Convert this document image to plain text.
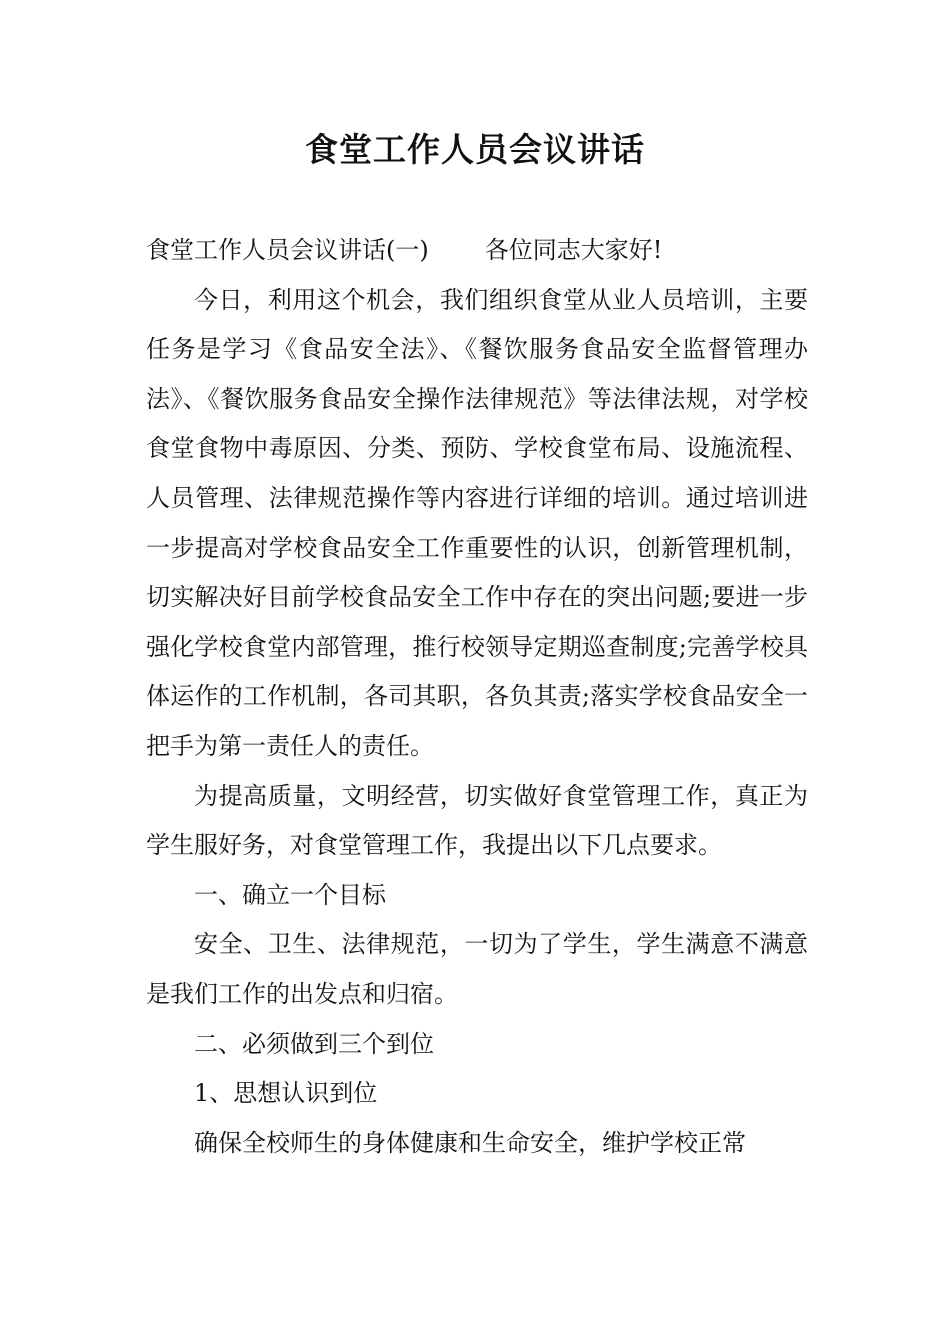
食堂工作人员会议讲话

食堂工作人员会议讲话(一) 各位同志大家好!

今日，利用这个机会，我们组织食堂从业人员培训，主要任务是学习《食品安全法》、《餐饮服务食品安全监督管理办法》、《餐饮服务食品安全操作法律规范》等法律法规，对学校食堂食物中毒原因、分类、预防、学校食堂布局、设施流程、人员管理、法律规范操作等内容进行详细的培训。通过培训进一步提高对学校食品安全工作重要性的认识，创新管理机制，切实解决好目前学校食品安全工作中存在的突出问题;要进一步强化学校食堂内部管理，推行校领导定期巡查制度;完善学校具体运作的工作机制，各司其职，各负其责;落实学校食品安全一把手为第一责任人的责任。

为提高质量，文明经营，切实做好食堂管理工作，真正为学生服好务，对食堂管理工作，我提出以下几点要求。

一、确立一个目标

安全、卫生、法律规范，一切为了学生，学生满意不满意是我们工作的出发点和归宿。

二、必须做到三个到位

1、思想认识到位

确保全校师生的身体健康和生命安全，维护学校正常
